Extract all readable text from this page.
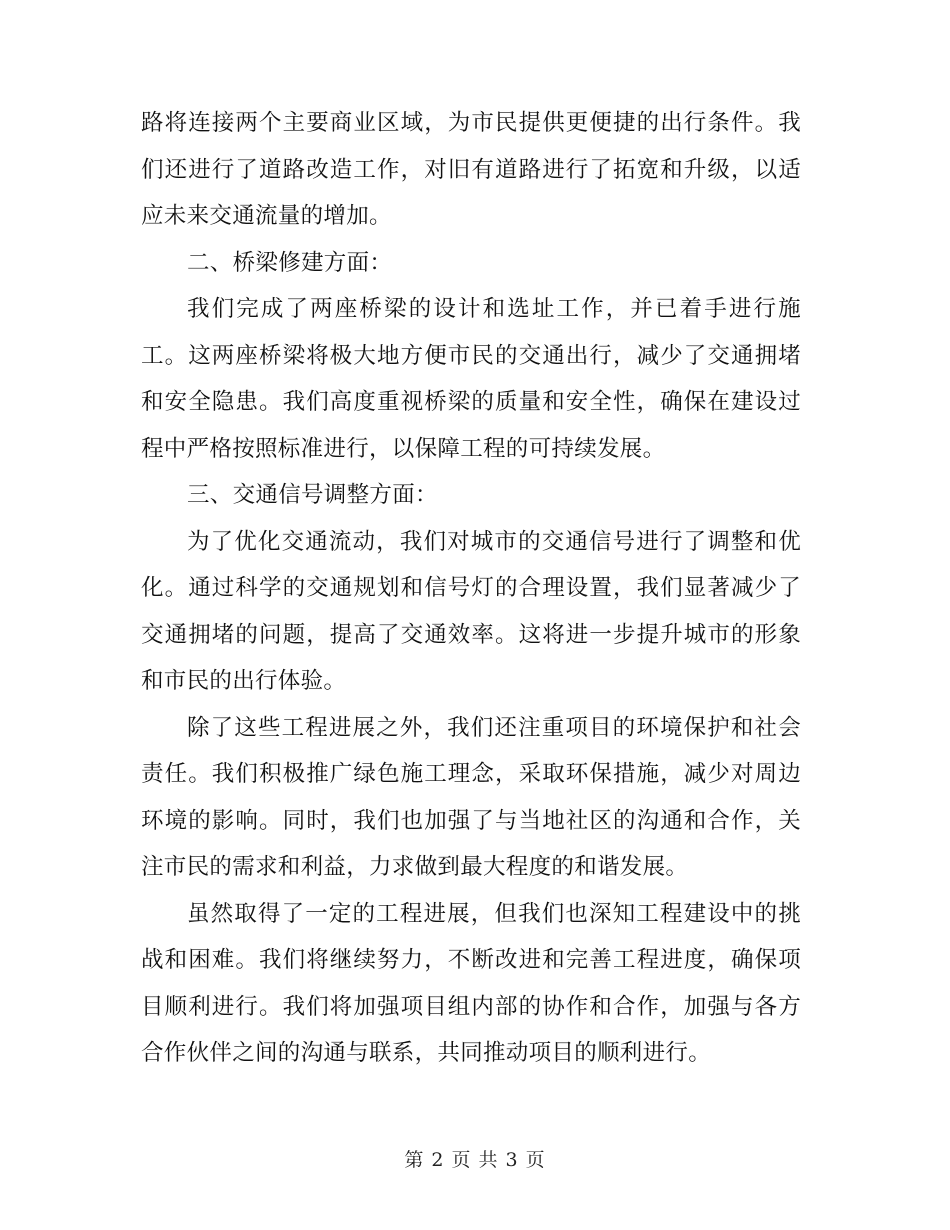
路将连接两个主要商业区域，为市民提供更便捷的出行条件。我们还进行了道路改造工作，对旧有道路进行了拓宽和升级，以适应未来交通流量的增加。

二、桥梁修建方面：

我们完成了两座桥梁的设计和选址工作，并已着手进行施工。这两座桥梁将极大地方便市民的交通出行，减少了交通拥堵和安全隐患。我们高度重视桥梁的质量和安全性，确保在建设过程中严格按照标准进行，以保障工程的可持续发展。

三、交通信号调整方面：

为了优化交通流动，我们对城市的交通信号进行了调整和优化。通过科学的交通规划和信号灯的合理设置，我们显著减少了交通拥堵的问题，提高了交通效率。这将进一步提升城市的形象和市民的出行体验。

除了这些工程进展之外，我们还注重项目的环境保护和社会责任。我们积极推广绿色施工理念，采取环保措施，减少对周边环境的影响。同时，我们也加强了与当地社区的沟通和合作，关注市民的需求和利益，力求做到最大程度的和谐发展。

虽然取得了一定的工程进展，但我们也深知工程建设中的挑战和困难。我们将继续努力，不断改进和完善工程进度，确保项目顺利进行。我们将加强项目组内部的协作和合作，加强与各方合作伙伴之间的沟通与联系，共同推动项目的顺利进行。

第 2 页 共 3 页
